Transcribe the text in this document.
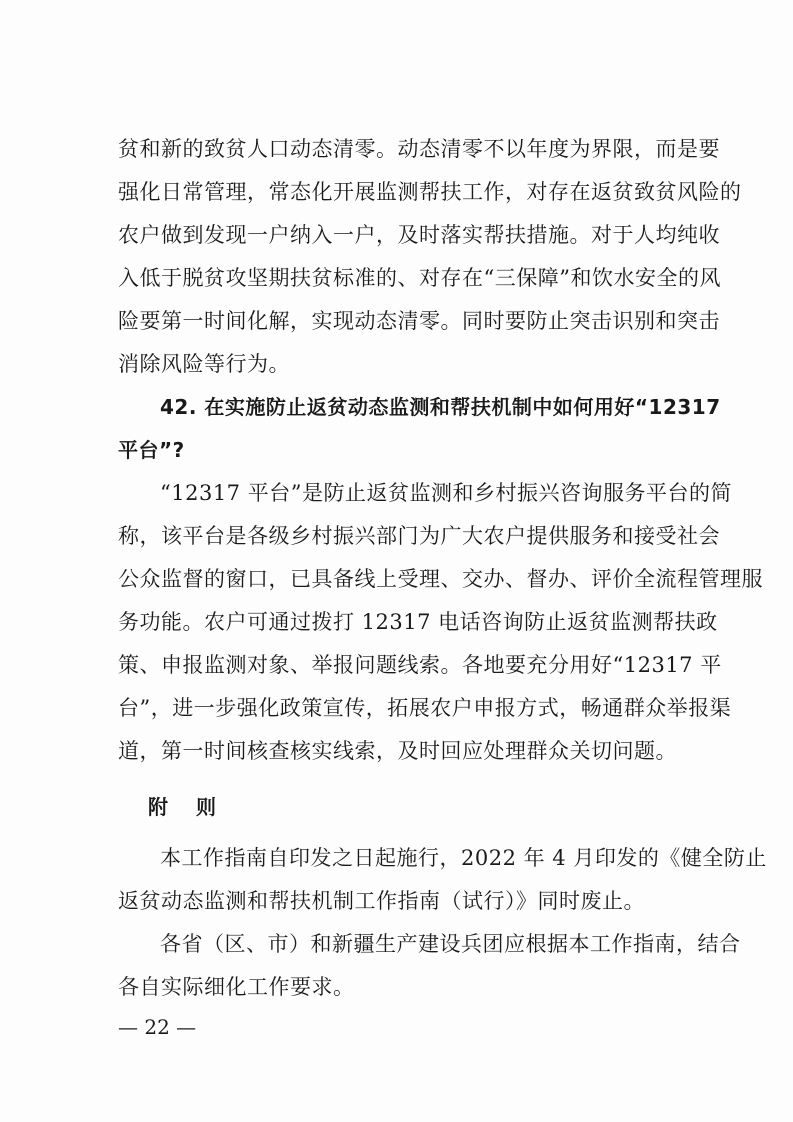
贫和新的致贫人口动态清零。动态清零不以年度为界限，而是要
强化日常管理，常态化开展监测帮扶工作，对存在返贫致贫风险的
农户做到发现一户纳入一户，及时落实帮扶措施。对于人均纯收
入低于脱贫攻坚期扶贫标准的、对存在“三保障”和饮水安全的风
险要第一时间化解，实现动态清零。同时要防止突击识别和突击
消除风险等行为。
42. 在实施防止返贫动态监测和帮扶机制中如何用好“12317
平台”?
“12317 平台”是防止返贫监测和乡村振兴咨询服务平台的简
称，该平台是各级乡村振兴部门为广大农户提供服务和接受社会
公众监督的窗口，已具备线上受理、交办、督办、评价全流程管理服
务功能。农户可通过拨打 12317 电话咨询防止返贫监测帮扶政
策、申报监测对象、举报问题线索。各地要充分用好“12317 平
台”，进一步强化政策宣传，拓展农户申报方式，畅通群众举报渠
道，第一时间核查核实线索，及时回应处理群众关切问题。
附 则
本工作指南自印发之日起施行，2022 年 4 月印发的《健全防止
返贫动态监测和帮扶机制工作指南（试行）》同时废止。
各省（区、市）和新疆生产建设兵团应根据本工作指南，结合
各自实际细化工作要求。
— 22 —
